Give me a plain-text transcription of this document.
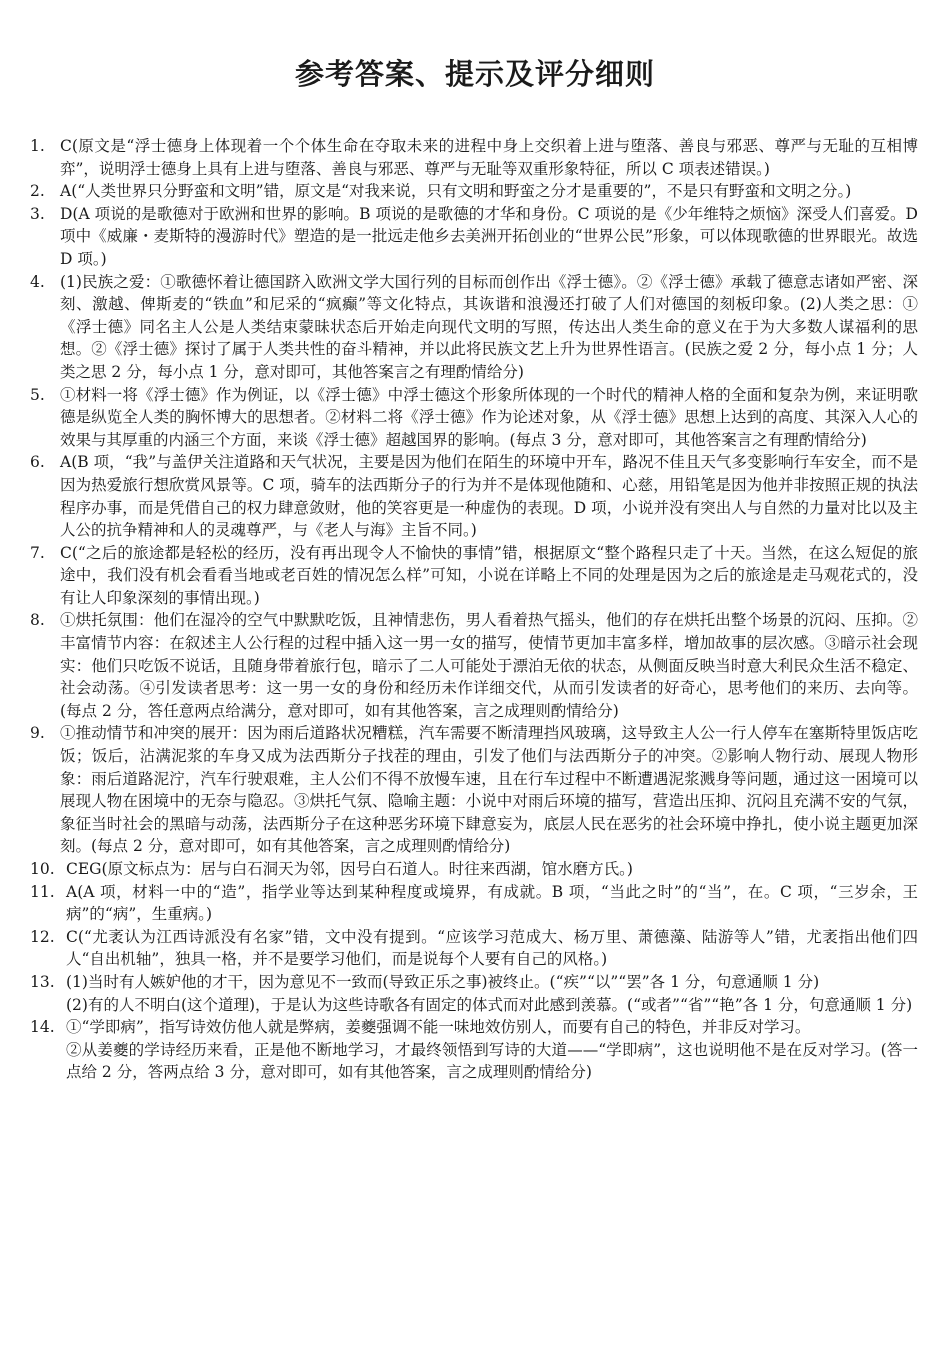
参考答案、提示及评分细则
1. C(原文是“浮士德身上体现着一个个体生命在夺取未来的进程中身上交织着上进与堕落、善良与邪恶、尊严与无耻的互相博弈”，说明浮士德身上具有上进与堕落、善良与邪恶、尊严与无耻等双重形象特征，所以 C 项表述错误。)
2. A(“人类世界只分野蛮和文明”错，原文是“对我来说，只有文明和野蛮之分才是重要的”，不是只有野蛮和文明之分。)
3. D(A 项说的是歌德对于欧洲和世界的影响。B 项说的是歌德的才华和身份。C 项说的是《少年维特之烦恼》深受人们喜爱。D 项中《威廉・麦斯特的漫游时代》塑造的是一批远走他乡去美洲开拓创业的“世界公民”形象，可以体现歌德的世界眼光。故选 D 项。)
4. (1)民族之爱：①歌德怀着让德国跻入欧洲文学大国行列的目标而创作出《浮士德》。②《浮士德》承载了德意志诸如严密、深刻、激越、俾斯麦的“铁血”和尼采的“疯癫”等文化特点，其诙谐和浪漫还打破了人们对德国的刻板印象。(2)人类之思：①《浮士德》同名主人公是人类结束蒙昧状态后开始走向现代文明的写照，传达出人类生命的意义在于为大多数人谋福利的思想。②《浮士德》探讨了属于人类共性的奋斗精神，并以此将民族文艺上升为世界性语言。(民族之爱 2 分，每小点 1 分；人类之思 2 分，每小点 1 分，意对即可，其他答案言之有理酌情给分)
5. ①材料一将《浮士德》作为例证，以《浮士德》中浮士德这个形象所体现的一个时代的精神人格的全面和复杂为例，来证明歌德是纵览全人类的胸怀博大的思想者。②材料二将《浮士德》作为论述对象，从《浮士德》思想上达到的高度、其深入人心的效果与其厚重的内涵三个方面，来谈《浮士德》超越国界的影响。(每点 3 分，意对即可，其他答案言之有理酌情给分)
6. A(B 项，“我”与盖伊关注道路和天气状况，主要是因为他们在陌生的环境中开车，路况不佳且天气多变影响行车安全，而不是因为热爱旅行想欣赏风景等。C 项，骑车的法西斯分子的行为并不是体现他随和、心慈，用铅笔是因为他并非按照正规的执法程序办事，而是凭借自己的权力肆意敛财，他的笑容更是一种虚伪的表现。D 项，小说并没有突出人与自然的力量对比以及主人公的抗争精神和人的灵魂尊严，与《老人与海》主旨不同。)
7. C(“之后的旅途都是轻松的经历，没有再出现令人不愉快的事情”错，根据原文“整个路程只走了十天。当然，在这么短促的旅途中，我们没有机会看看当地或老百姓的情况怎么样”可知，小说在详略上不同的处理是因为之后的旅途是走马观花式的，没有让人印象深刻的事情出现。)
8. ①烘托氛围：他们在湿冷的空气中默默吃饭，且神情悲伤，男人看着热气摇头，他们的存在烘托出整个场景的沉闷、压抑。②丰富情节内容：在叙述主人公行程的过程中插入这一男一女的描写，使情节更加丰富多样，增加故事的层次感。③暗示社会现实：他们只吃饭不说话，且随身带着旅行包，暗示了二人可能处于漂泊无依的状态，从侧面反映当时意大利民众生活不稳定、社会动荡。④引发读者思考：这一男一女的身份和经历未作详细交代，从而引发读者的好奇心，思考他们的来历、去向等。(每点 2 分，答任意两点给满分，意对即可，如有其他答案，言之成理则酌情给分)
9. ①推动情节和冲突的展开：因为雨后道路状况糟糕，汽车需要不断清理挡风玻璃，这导致主人公一行人停车在塞斯特里饭店吃饭；饭后，沾满泥浆的车身又成为法西斯分子找茬的理由，引发了他们与法西斯分子的冲突。②影响人物行动、展现人物形象：雨后道路泥泞，汽车行驶艰难，主人公们不得不放慢车速，且在行车过程中不断遭遇泥浆溅身等问题，通过这一困境可以展现人物在困境中的无奈与隐忍。③烘托气氛、隐喻主题：小说中对雨后环境的描写，营造出压抑、沉闷且充满不安的气氛，象征当时社会的黑暗与动荡，法西斯分子在这种恶劣环境下肆意妄为，底层人民在恶劣的社会环境中挣扎，使小说主题更加深刻。(每点 2 分，意对即可，如有其他答案，言之成理则酌情给分)
10. CEG(原文标点为：居与白石洞天为邻，因号白石道人。时往来西湖，馆水磨方氏。)
11. A(A 项，材料一中的“造”，指学业等达到某种程度或境界，有成就。B 项，“当此之时”的“当”，在。C 项，“三岁余，王病”的“病”，生重病。)
12. C(“尤袤认为江西诗派没有名家”错，文中没有提到。“应该学习范成大、杨万里、萧德藻、陆游等人”错，尤袤指出他们四人“自出机轴”，独具一格，并不是要学习他们，而是说每个人要有自己的风格。)
13. (1)当时有人嫉妒他的才干，因为意见不一致而(导致正乐之事)被终止。(“疾”“以”“罢”各 1 分，句意通顺 1 分)
(2)有的人不明白(这个道理)，于是认为这些诗歌各有固定的体式而对此感到羡慕。(“或者”“省”“艳”各 1 分，句意通顺 1 分)
14. ①“学即病”，指写诗效仿他人就是弊病，姜夔强调不能一味地效仿别人，而要有自己的特色，并非反对学习。
②从姜夔的学诗经历来看，正是他不断地学习，才最终领悟到写诗的大道——“学即病”，这也说明他不是在反对学习。(答一点给 2 分，答两点给 3 分，意对即可，如有其他答案，言之成理则酌情给分)
